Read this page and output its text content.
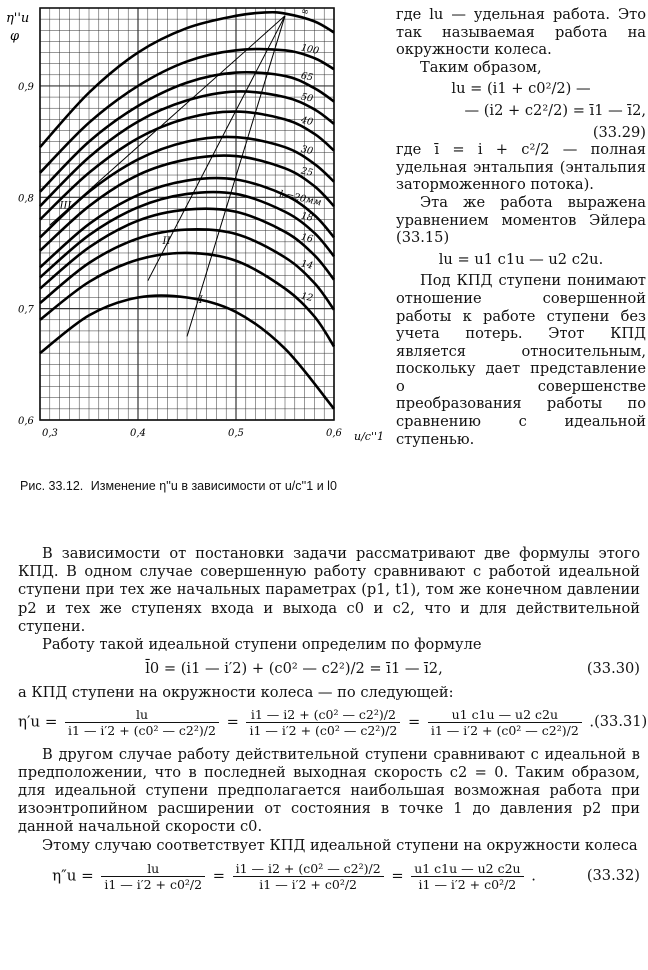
0,3	0,4	0,5	0,6
0,6
0,7
0,8
0,9
∞
100
65
50
40
30
25
l₀=20мм
18
16
14
12
I
II
III
η''u
φ
u/c''1
Рис. 33.12. Изменение η''u в зависимости от u/c''1 и l0

где lu — удельная работа. Это так называемая работа на окружности колеса.

Таким образом,

lu = (i1 + c0²/2) —

— (i2 + c2²/2) = ī1 — ī2,

(33.29)

где ī = i + c²/2 — полная удельная энтальпия (энтальпия заторможенного потока).

Эта же работа выражена уравнением моментов Эйлера (33.15)

lu = u1 c1u — u2 c2u.

Под КПД ступени понимают отношение совершенной работы к работе ступени без учета потерь. Этот КПД является относительным, поскольку дает представление о совершенстве преобразования работы по сравнению с идеальной ступенью.

В зависимости от постановки задачи рассматривают две формулы этого КПД. В одном случае совершенную работу сравнивают с работой идеальной ступени при тех же начальных параметрах (p1, t1), том же конечном давлении p2 и тех же ступенях входа и выхода c0 и c2, что и для действительной ступени.

Работу такой идеальной ступени определим по формуле

l̄0 = (i1 — i′2) + (c0² — c2²)/2 = ī1 — ī2,	(33.30)

а КПД ступени на окружности колеса — по следующей:

$\eta'u = \frac{lu}{\text{i1 — i′2 + (c0² — c2²)/2}} = \frac{\text{i1 — i2 + (c0² — c2²)/2}}{\text{i1 — i′2 + (c0² — c2²)/2}} = \frac{u1 c1u — u2 c2u}{\text{i1 — i′2 + (c0² — c2²)/2}}$ . (33.31)

В другом случае работу действительной ступени сравнивают с идеальной в предположении, что в последней выходная скорость c2 = 0. Таким образом, для идеальной ступени предполагается наибольшая возможная работа при изоэнтропийном расширении от состояния в точке 1 до давления p2 при данной начальной скорости c0.

Этому случаю соответствует КПД идеальной ступени на окружности колеса

$\eta''u = \frac{lu}{\text{i1 — i′2 + c0²/2}} = \frac{\text{i1 — i2 + (c0² — c2²)/2}}{\text{i1 — i′2 + c0²/2}} = \frac{u1 c1u — u2 c2u}{\text{i1 — i′2 + c0²/2}}$ .	(33.32)
